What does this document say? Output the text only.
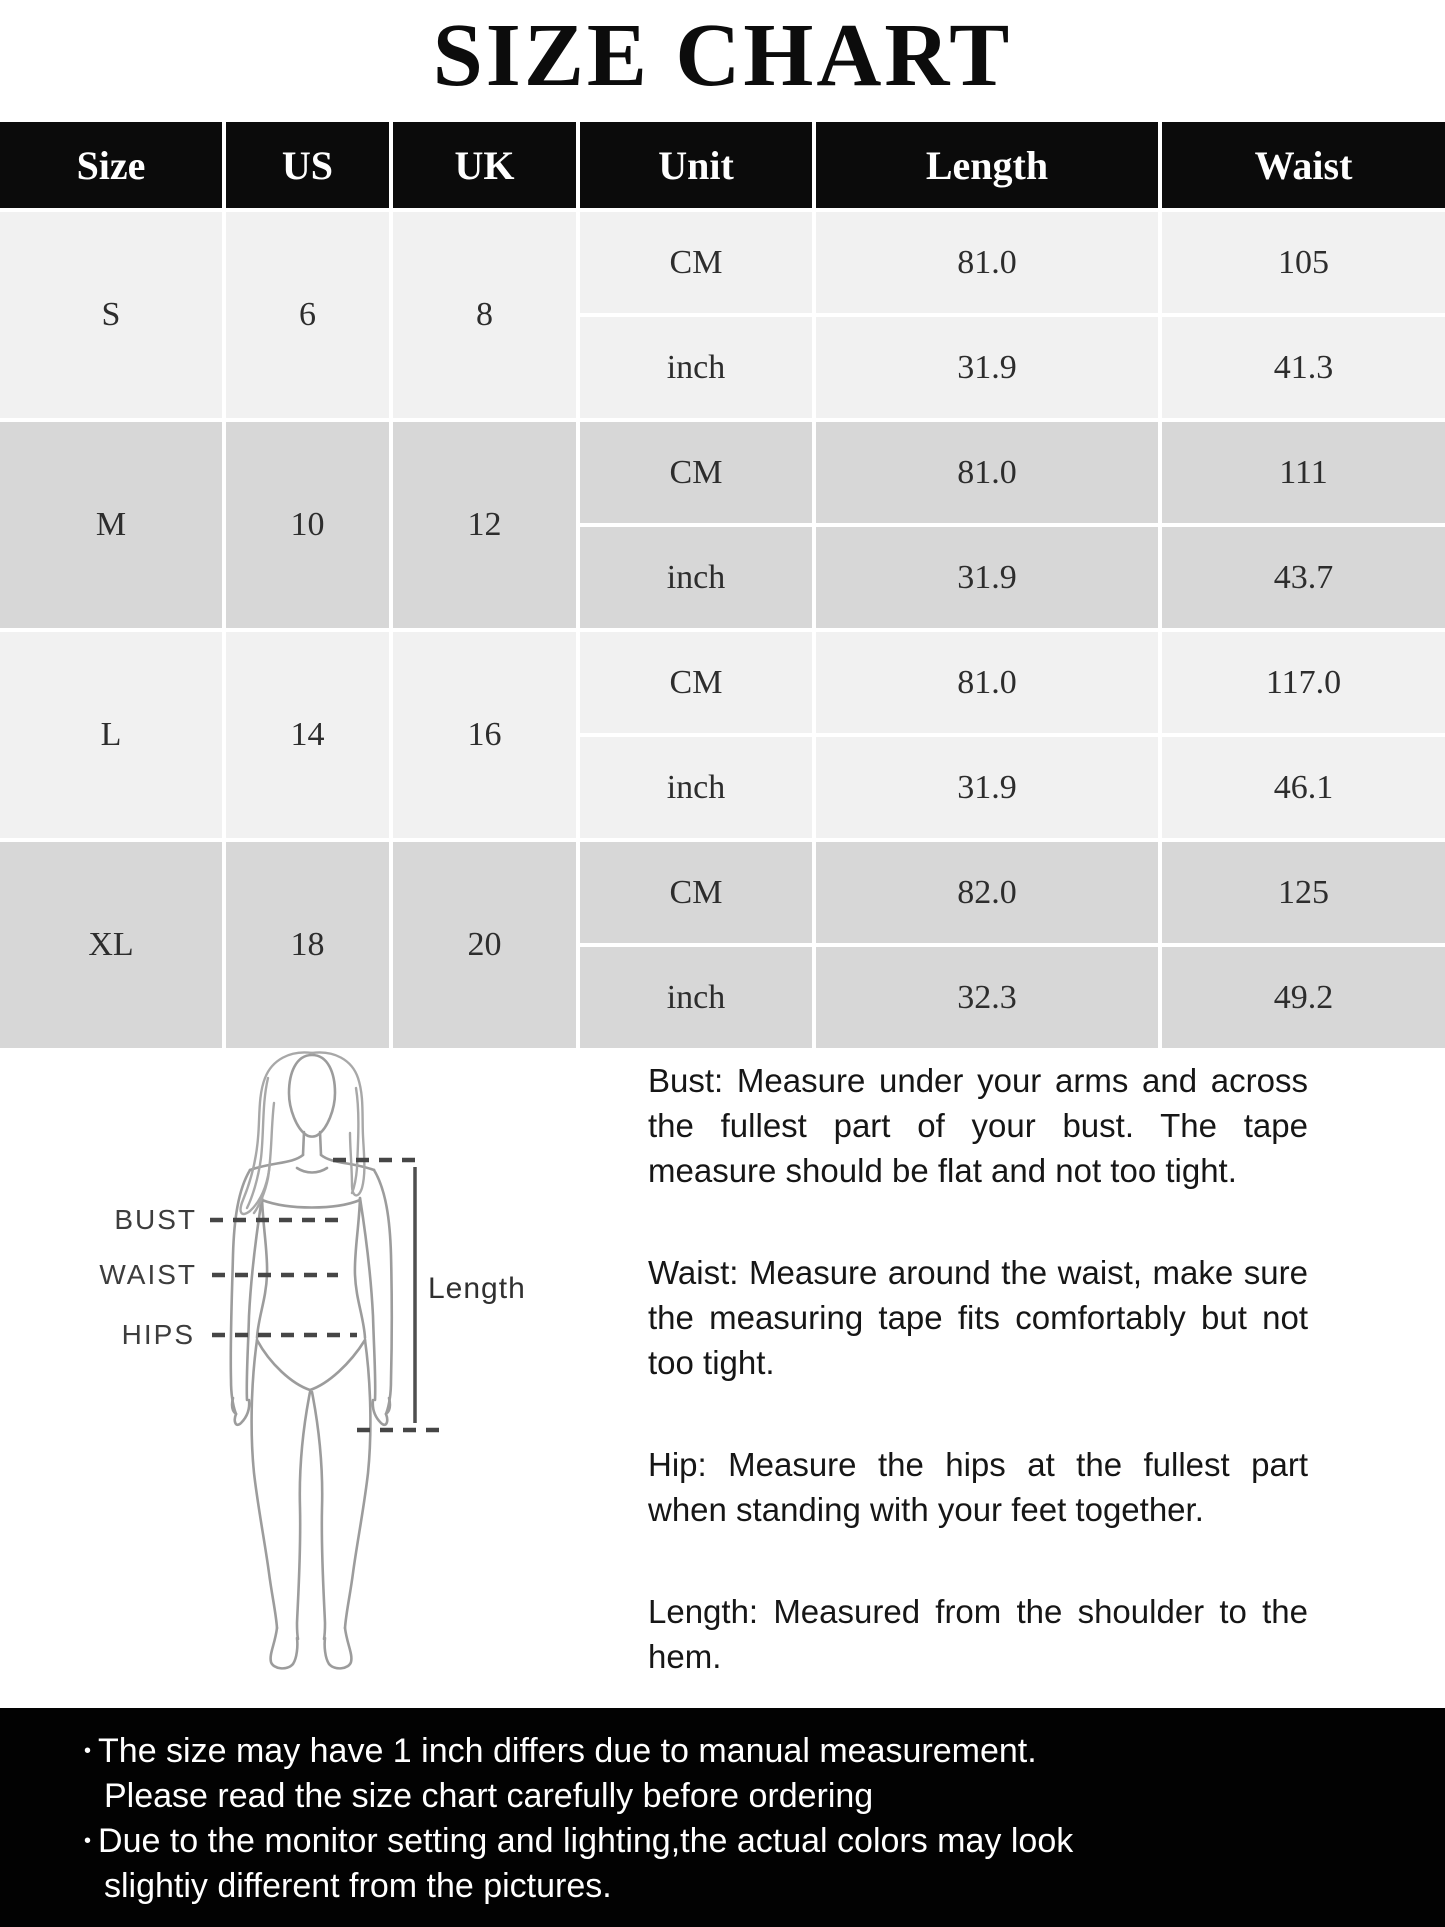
SIZE CHART
Size	US	UK	Unit	Length	Waist
S	6	8
CM	81.0	105
inch	31.9	41.3
M	10	12
CM	81.0	111
inch	31.9	43.7
L	14	16
CM	81.0	117.0
inch	31.9	46.1
XL	18	20
CM	82.0	125
inch	32.3	49.2
BUST
WAIST
HIPS
Length

Bust: Measure under your arms and across the fullest part of your bust. The tape measure should be flat and not too tight.

Waist: Measure around the waist, make sure the measuring tape fits comfortably but not too tight.

Hip: Measure the hips at the fullest part when standing with your feet together.

Length: Measured from the shoulder to the hem.

• The size may have 1 inch differs due to manual measurement.
Please read the size chart carefully before ordering
• Due to the monitor setting and lighting,the actual colors may look
slightiy different from the pictures.
